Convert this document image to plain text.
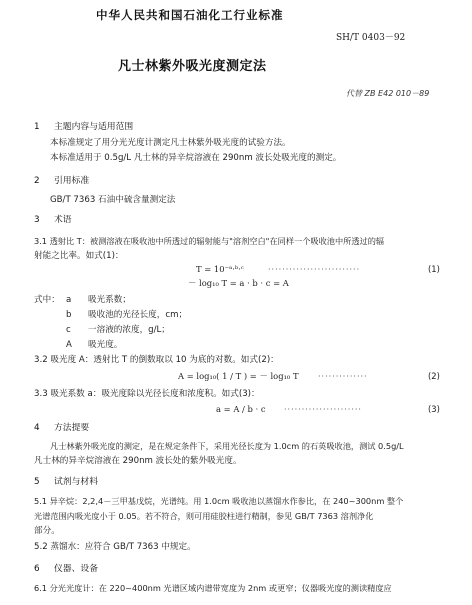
中华人民共和国石油化工行业标准
SH/T 0403－92
凡士林紫外吸光度测定法
代替 ZB E42 010－89
1 主题内容与适用范围
本标准规定了用分光光度计测定凡士林紫外吸光度的试验方法。
本标准适用于 0.5g/L 凡士林的异辛烷溶液在 290nm 波长处吸光度的测定。
2 引用标准
GB/T 7363 石油中硫含量测定法
3 术语
3.1 透射比 T：被测溶液在吸收池中所透过的辐射能与"溶剂空白"在同样一个吸收池中所透过的辐
射能之比率。如式(1)：
T = 10⁻ᵃ·ᵇ·ᶜ	··························	(1)
－ log₁₀ T = a · b · c = A
式中： a 吸光系数；
b 吸收池的光径长度，cm；
c 一溶液的浓度，g/L；
A 吸光度。
3.2 吸光度 A：透射比 T 的倒数取以 10 为底的对数。如式(2)：
A = log₁₀( 1 / T ) = － log₁₀ T ··············	(2)
3.3 吸光系数 a：吸光度除以光径长度和浓度积。如式(3)：
a = A / b · c ······················	(3)
4 方法提要
凡士林紫外吸光度的测定，是在规定条件下，采用光径长度为 1.0cm 的石英吸收池，测试 0.5g/L
凡士林的异辛烷溶液在 290nm 波长处的紫外吸光度。
5 试剂与材料
5.1 异辛烷：2,2,4－三甲基戊烷，光谱纯。用 1.0cm 吸收池以蒸馏水作参比，在 240~300nm 整个
光谱范围内吸光度小于 0.05。若不符合，则可用硅胶柱进行精制，参见 GB/T 7363 溶剂净化
部分。
5.2 蒸馏水：应符合 GB/T 7363 中规定。
6 仪器、设备
6.1 分光光度计：在 220~400nm 光谱区域内谱带宽度为 2nm 或更窄；仪器吸光度的测读精度应
